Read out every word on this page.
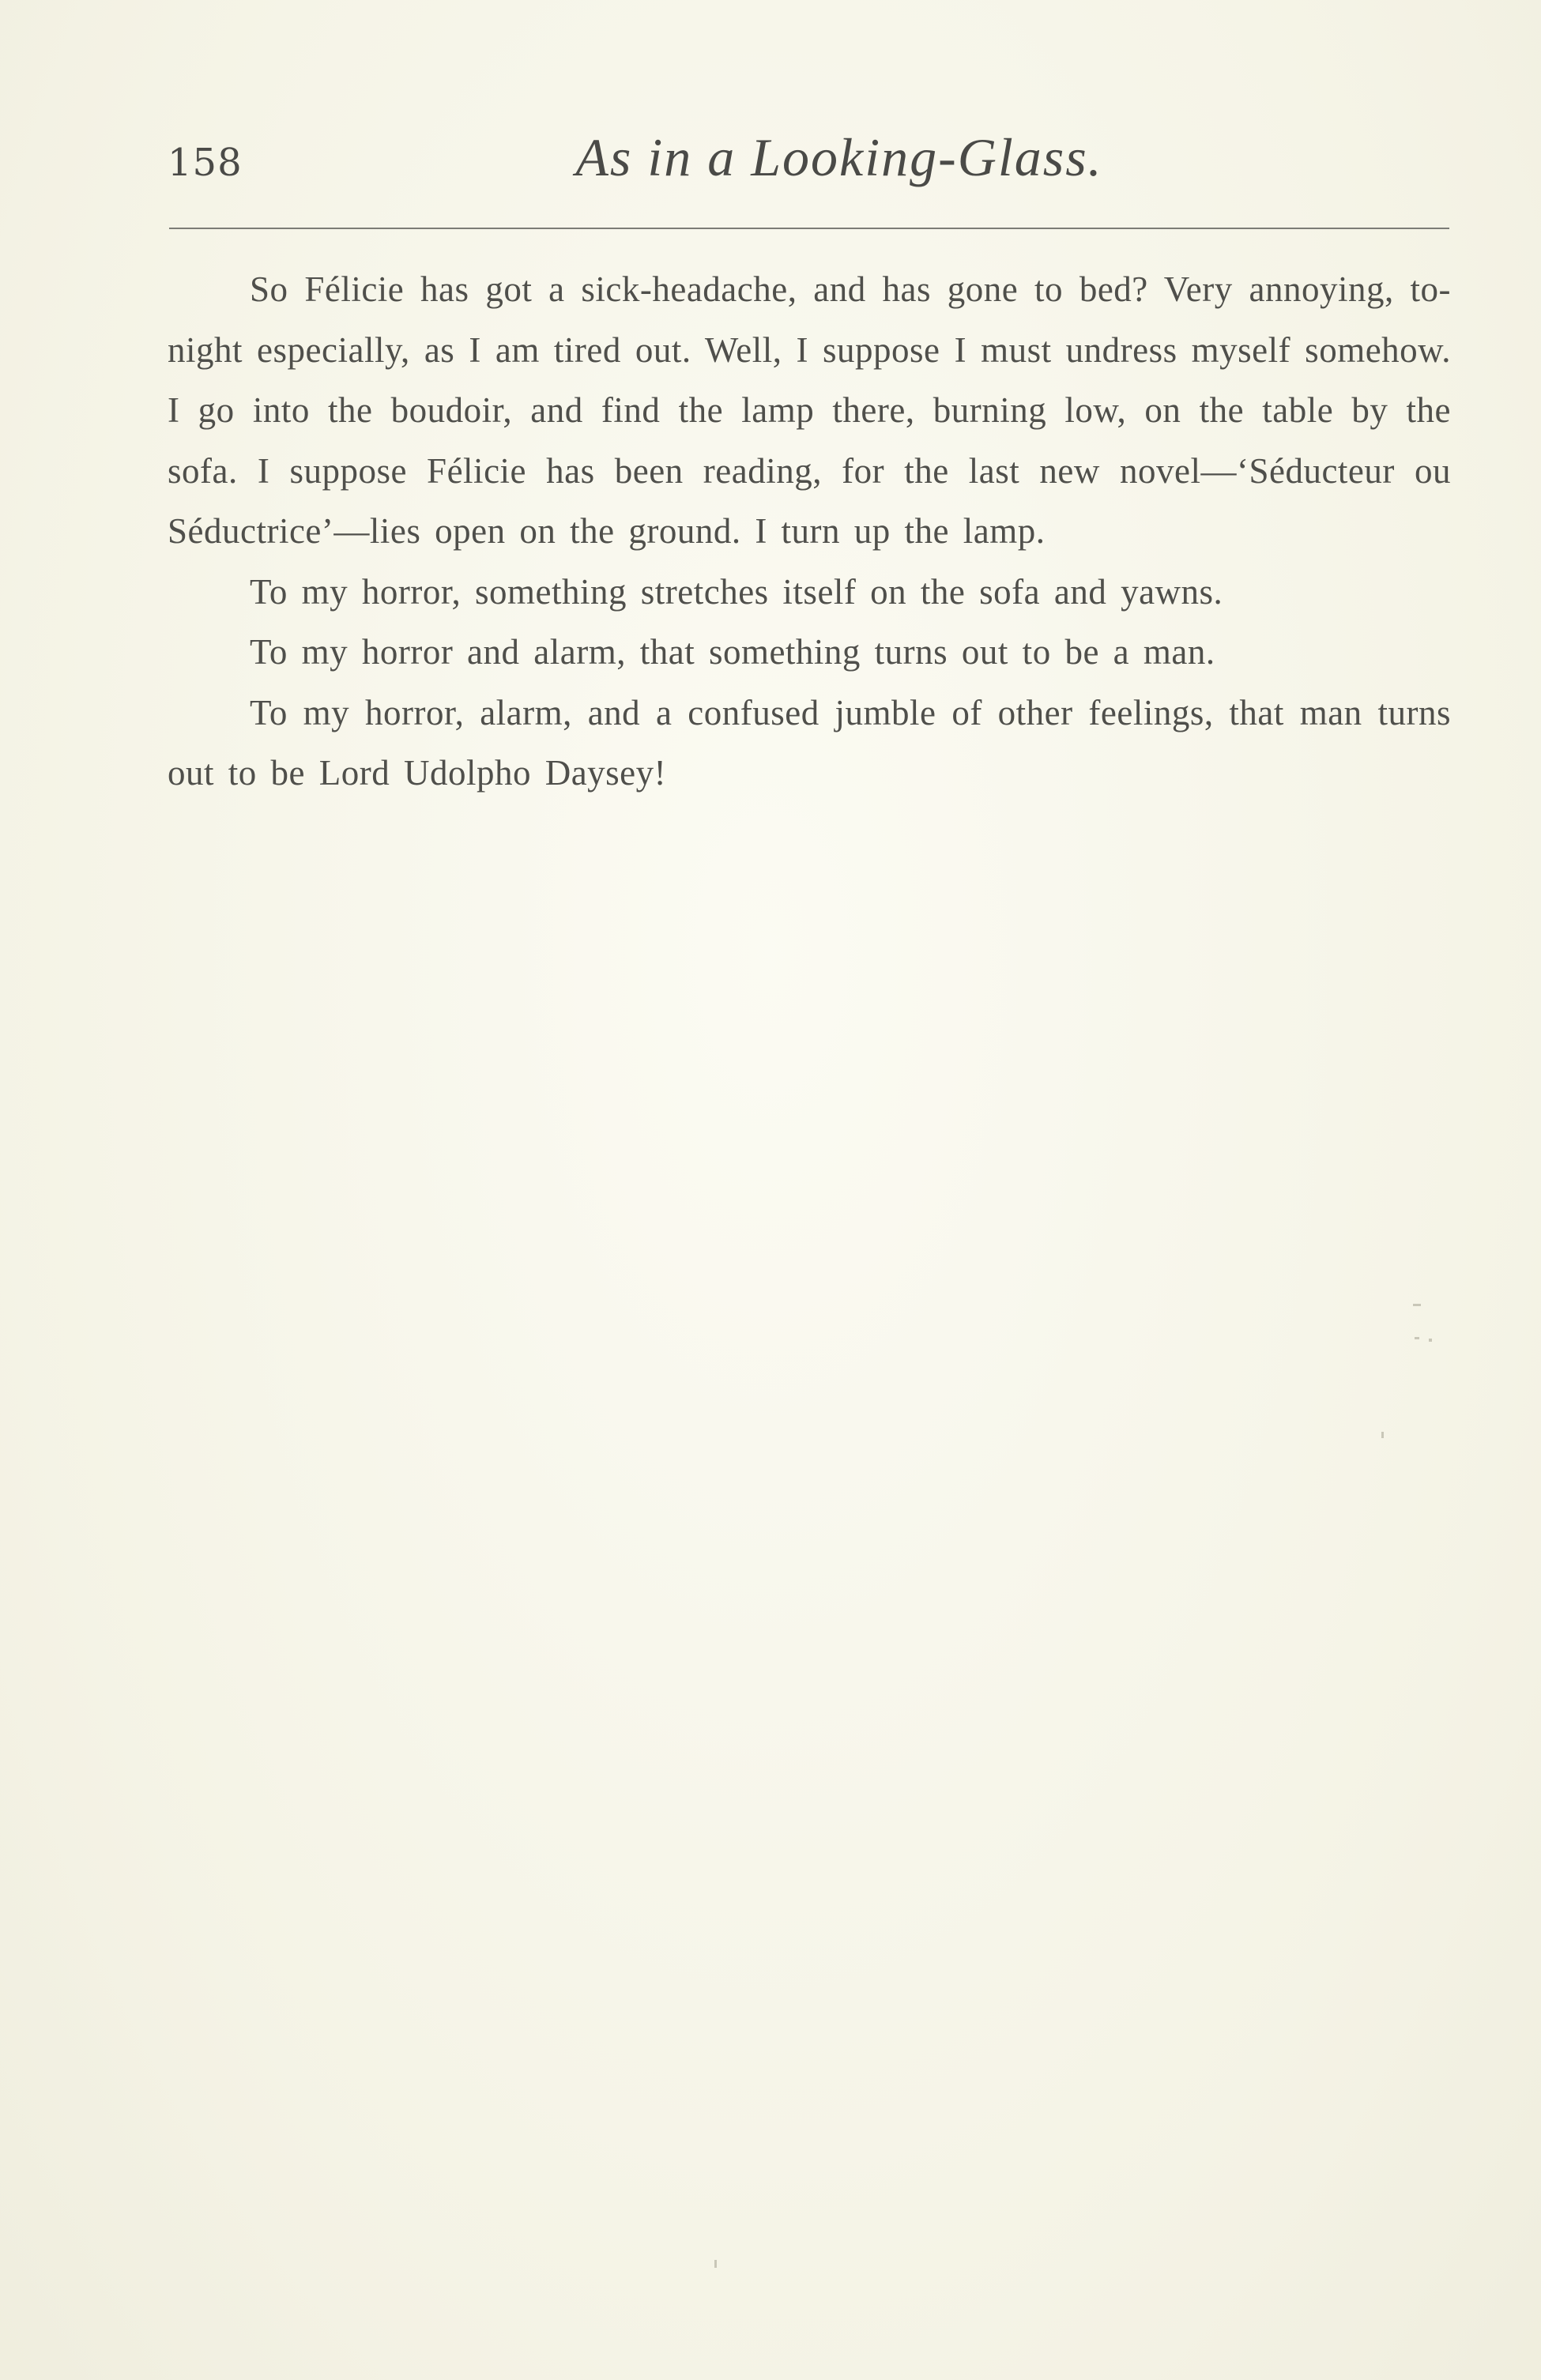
158	As in a Looking-Glass.

So Félicie has got a sick-headache, and has gone to bed? Very annoying, to-night especially, as I am tired out. Well, I suppose I must undress myself somehow. I go into the boudoir, and find the lamp there, burning low, on the table by the sofa. I suppose Félicie has been reading, for the last new novel—‘Séducteur ou Séductrice’—lies open on the ground. I turn up the lamp.

To my horror, something stretches itself on the sofa and yawns.

To my horror and alarm, that something turns out to be a man.

To my horror, alarm, and a confused jumble of other feelings, that man turns out to be Lord Udolpho Daysey!
